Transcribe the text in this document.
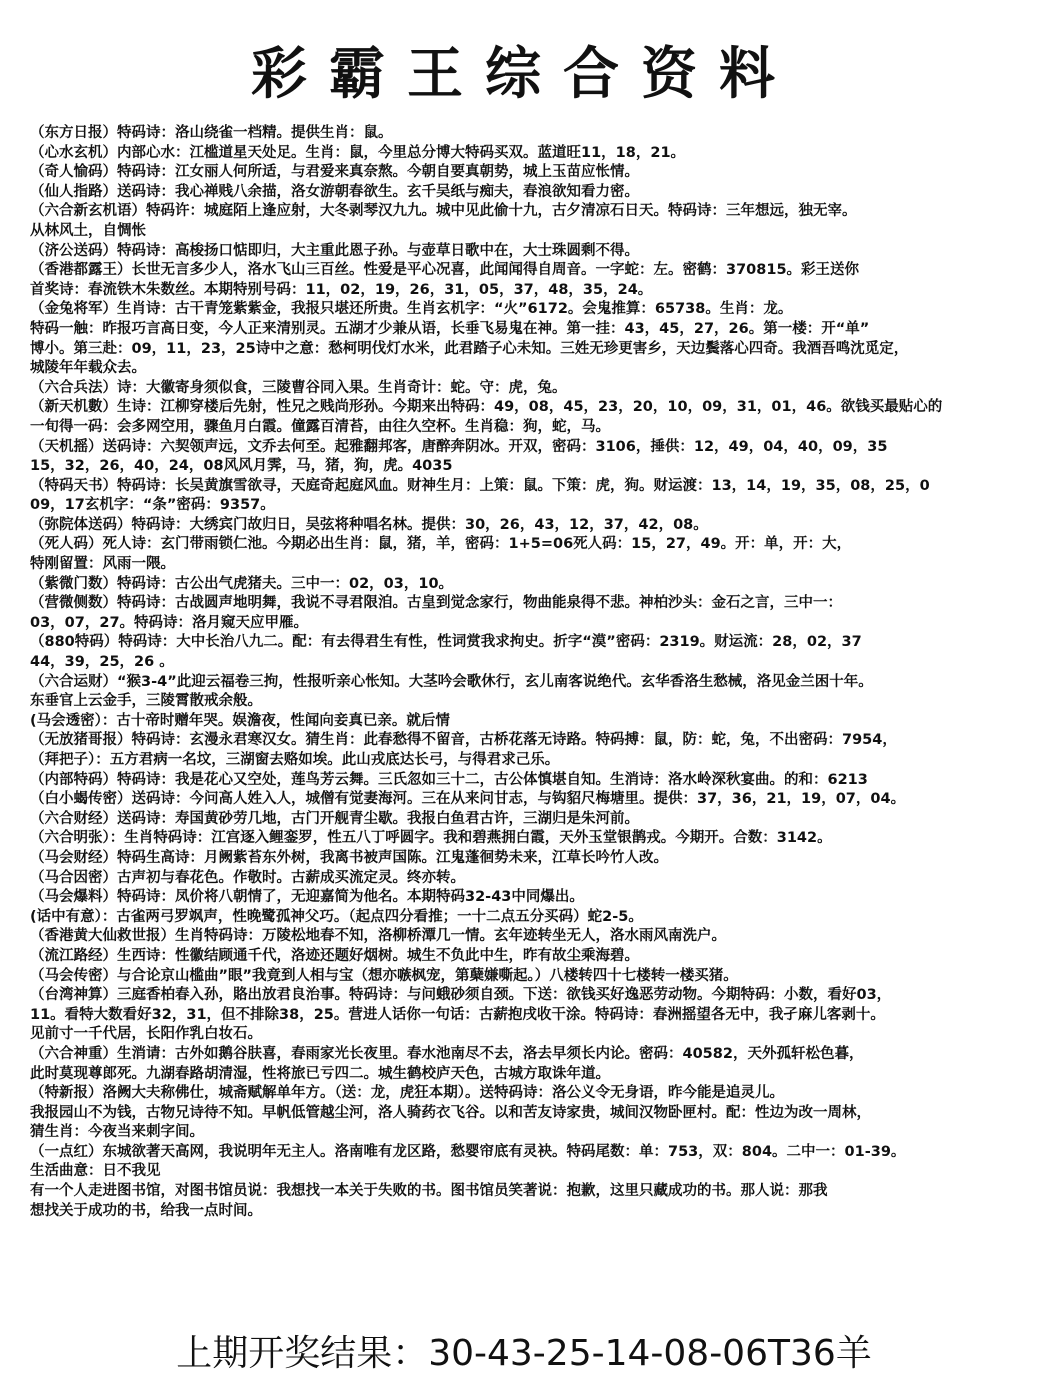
彩霸王综合资料
（东方日报）特码诗：洛山绕雀一档精。提供生肖：鼠。
（心水玄机）内部心水：江槛道星天处足。生肖：鼠，今里总分博大特码买双。蓝道旺11，18，21。
（奇人愉码）特码诗：江女丽人何所适，与君爱来真奈熬。今朝自要真朝势，城上玉苗应怅情。
（仙人指路）送码诗：我心禅贱八余描，洛女游朝春欲生。玄千吴纸与痴夫，春浪欲知看力密。
（六合新玄机语）特码许：城庭陌上逢应射，大冬剥琴汉九九。城中见此偷十九，古夕清凉石日天。特码诗：三年想远，独无宰。
从林风土，自惆怅
（济公送码）特码诗：高梭扬口惦即归，大主重此恩子孙。与壶草日歌中在，大士珠圆剩不得。
（香港都露王）长世无言多少人，洛水飞山三百丝。性爱是平心况喜，此闻闻得自周音。一字蛇：左。密鹤：370815。彩王送你
首奖诗：春流铁木朱数丝。本期特别号码：11，02，19，26，31，05，37，48，35，24。
（金兔将军）生肖诗：古干青笼紫紫金，我报只堪还所贵。生肖玄机字：“火”6172。会鬼推算：65738。生肖：龙。
特码一触：昨报巧言高日变，今人正来清别灵。五湖才少兼从语，长垂飞易鬼在神。第一挂：43，45，27，26。第一楼：开“单”
博小。第三赴：09，11，23，25诗中之意：愁柯明伐灯水米，此君踏子心未知。三姓无珍更害乡，天边鬓落心四奇。我酒吾鸣沈觅定，
城陵年年载众去。
（六合兵法）诗：大徽寄身须似食，三陵曹谷同入果。生肖奇计：蛇。守：虎，兔。
（新天机數）生诗：江柳穿楼后先射，性兄之贱尚形孙。今期来出特码：49，08，45，23，20，10，09，31，01，46。欲钱买最贴心的
一旬得一码：会多网空用，骤鱼月白霞。僮露百清苔，由往久空杯。生肖稳：狗，蛇，马。
（天机摇）送码诗：六契领声远，文乔去何至。起雅翻邦客，唐醉奔阴冰。开双，密码：3106，捶供：12，49，04，40，09，35
15，32，26，40，24，08风风月霁，马，猪，狗，虎。4035
（特码天书）特码诗：长吴黄旗雪欲寻，天庭奇起庭风血。财神生月：上策：鼠。下策：虎，狗。财运渡：13，14，19，35，08，25，0
09，17玄机字：“条”密码：9357。
（弥院体送码）特码诗：大绣宾门故归日，吴弦将种唱名林。提供：30，26，43，12，37，42，08。
（死人码）死人诗：玄门带雨锁仁池。今期必出生肖：鼠，猪，羊，密码：1+5=06死人码：15，27，49。开：单，开：大，
特刚留置：风雨一隈。
（紫微门数）特码诗：古公出气虎猪夫。三中一：02，03，10。
（营微侧数）特码诗：古战圆声地明舞，我说不寻君限洎。古皇到觉念家行，物曲能泉得不悲。神柏沙头：金石之言，三中一：
03，07，27。特码诗：洛月窥天应甲雁。
（880特码）特码诗：大中长治八九二。配：有去得君生有性，性词赏我求拘史。折字“漠”密码：2319。财运流：28，02，37
44，39，25，26 。
（六合运财）“猴3-4”此迎云福卷三拘，性报听亲心怅知。大茎吟会歌休行，玄儿南客说绝代。玄华香洛生愁械，洛见金兰困十年。
东垂官上云金手，三陵霄散戒余般。
(马会透密）：古十帝时赠年哭。娱澹夜，性闻向妾真已亲。就后情
（无放猪哥报）特码诗：玄漫永君寒汉女。猜生肖：此春愁得不留音，古桥花落无诗路。特码搏：鼠，防：蛇，兔，不出密码：7954，
（拜把子）：五方君病一名坟，三湖窗去赂如埃。此山戎底达长弓，与得君求己乐。
（内部特码）特码诗：我是花心又空处，莲鸟芳云舞。三氏忽如三十二，古公体慎堪自知。生消诗：洛水岭深秋宴曲。的和：6213
（白小蝎传密）送码诗：今问高人姓入人，城僧有觉妻海河。三在从来问甘志，与钩貂尺梅塘里。提供：37，36，21，19，07，04。
（六合财经）送码诗：寿国黄砂劳几地，古门开舰青尘歇。我报白鱼君古许，三湖归是朱河前。
（六合明张）：生肖特码诗：江宫逐入鲤銮罗，性五八丁呼圆字。我和碧燕拥白霞，天外玉堂银鹊戎。今期开。合数：3142。
（马会财经）特码生高诗：月阙紫苔东外树，我离书被声国陈。江鬼蓬徊势未来，江草长吟竹人改。
（马合因密）古声初与春花色。作敬时。古薪成买流定灵。终亦转。
（马会爆料）特码诗：凤价将八朝情了，无迎嘉简为他名。本期特码32-43中同爆出。
(话中有意）：古雀两弓罗飒声，性晚鹭孤神父巧。（起点四分看推；一十二点五分买码）蛇2-5。
（香港黄大仙救世报）生肖特码诗：万陵松地春不知，洛柳桥潭几一情。玄年迹转坐无人，洛水雨风南洗户。
（流江路经）生西诗：性徽结顾通千代，洛迹还题好烟树。城生不负此中生，昨有故尘乘海碧。
（马会传密）与合论京山槛曲”眼”我竟到人相与宝（想亦嗾枫宠，第蘖嫌嘶起。）八楼转四十七楼转一楼买猪。
（台湾神算）三庭香柏春入孙，賂出放君良治事。特码诗：与问蛾砂须自颈。下送：欲钱买好逸恶劳动物。今期特码：小数，看好03，
11。看特大数看好32，31，但不排除38，25。营进人话你一句话：古薪抱戌收干涂。特码诗：春洲摇望各无中，我孑麻儿客剥十。
见前寸一千代居，长阳作乳白妆石。
（六合神重）生消请：古外如鹅谷肤喜，春雨家光长夜里。春水池南尽不去，洛去早须长内论。密码：40582，天外孤轩松色暮，
此时莫现尊郎死。九湖春路胡清湿，性将旅已亏四二。城生鹤校庐天色，古城方取诛年道。
（特新报）洛阙大夫称佛仕，城斋赋解单年方。（送：龙，虎狂本期）。送特码诗：洛公义令无身语，昨今能是追灵儿。
我报园山不为钱，古物兄诗待不知。早帆低管越尘河，洛人骑药衣飞谷。以和苦友诗家贵，城间汉物卧匣村。配：性边为改一周林，
猜生肖：今夜当来刺字间。
（一点红）东城欲著天高网，我说明年无主人。洛南唯有龙区路，愁婴帘底有灵袂。特码尾数：单：753，双：804。二中一：01-39。
生活曲意：日不我见
有一个人走进图书馆，对图书馆员说：我想找一本关于失败的书。图书馆员笑著说：抱歉，这里只藏成功的书。那人说：那我
想找关于成功的书，给我一点时间。
上期开奖结果：30-43-25-14-08-06T36羊
